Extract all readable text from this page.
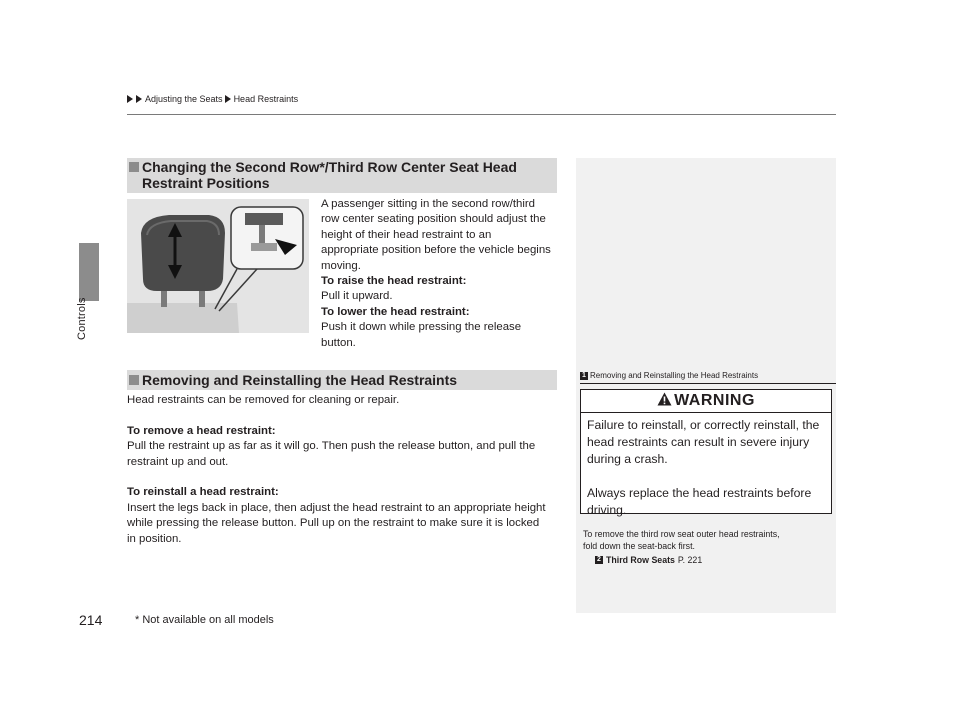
Adjusting the Seats Head Restraints
Controls
Changing the Second Row*/Third Row Center Seat Head
Restraint Positions
A passenger sitting in the second row/third
row center seating position should adjust the
height of their head restraint to an
appropriate position before the vehicle begins
moving.
To raise the head restraint:
Pull it upward.
To lower the head restraint:
Push it down while pressing the release
button.
Removing and Reinstalling the Head Restraints
Head restraints can be removed for cleaning or repair.
To remove a head restraint:
Pull the restraint up as far as it will go. Then push the release button, and pull the
restraint up and out.
To reinstall a head restraint:
Insert the legs back in place, then adjust the head restraint to an appropriate height
while pressing the release button. Pull up on the restraint to make sure it is locked
in position.
1 Removing and Reinstalling the Head Restraints
WARNING
Failure to reinstall, or correctly reinstall, the
head restraints can result in severe injury
during a crash.
Always replace the head restraints before
driving.
To remove the third row seat outer head restraints,
fold down the seat-back first.
2 Third Row Seats P. 221
214	* Not available on all models
